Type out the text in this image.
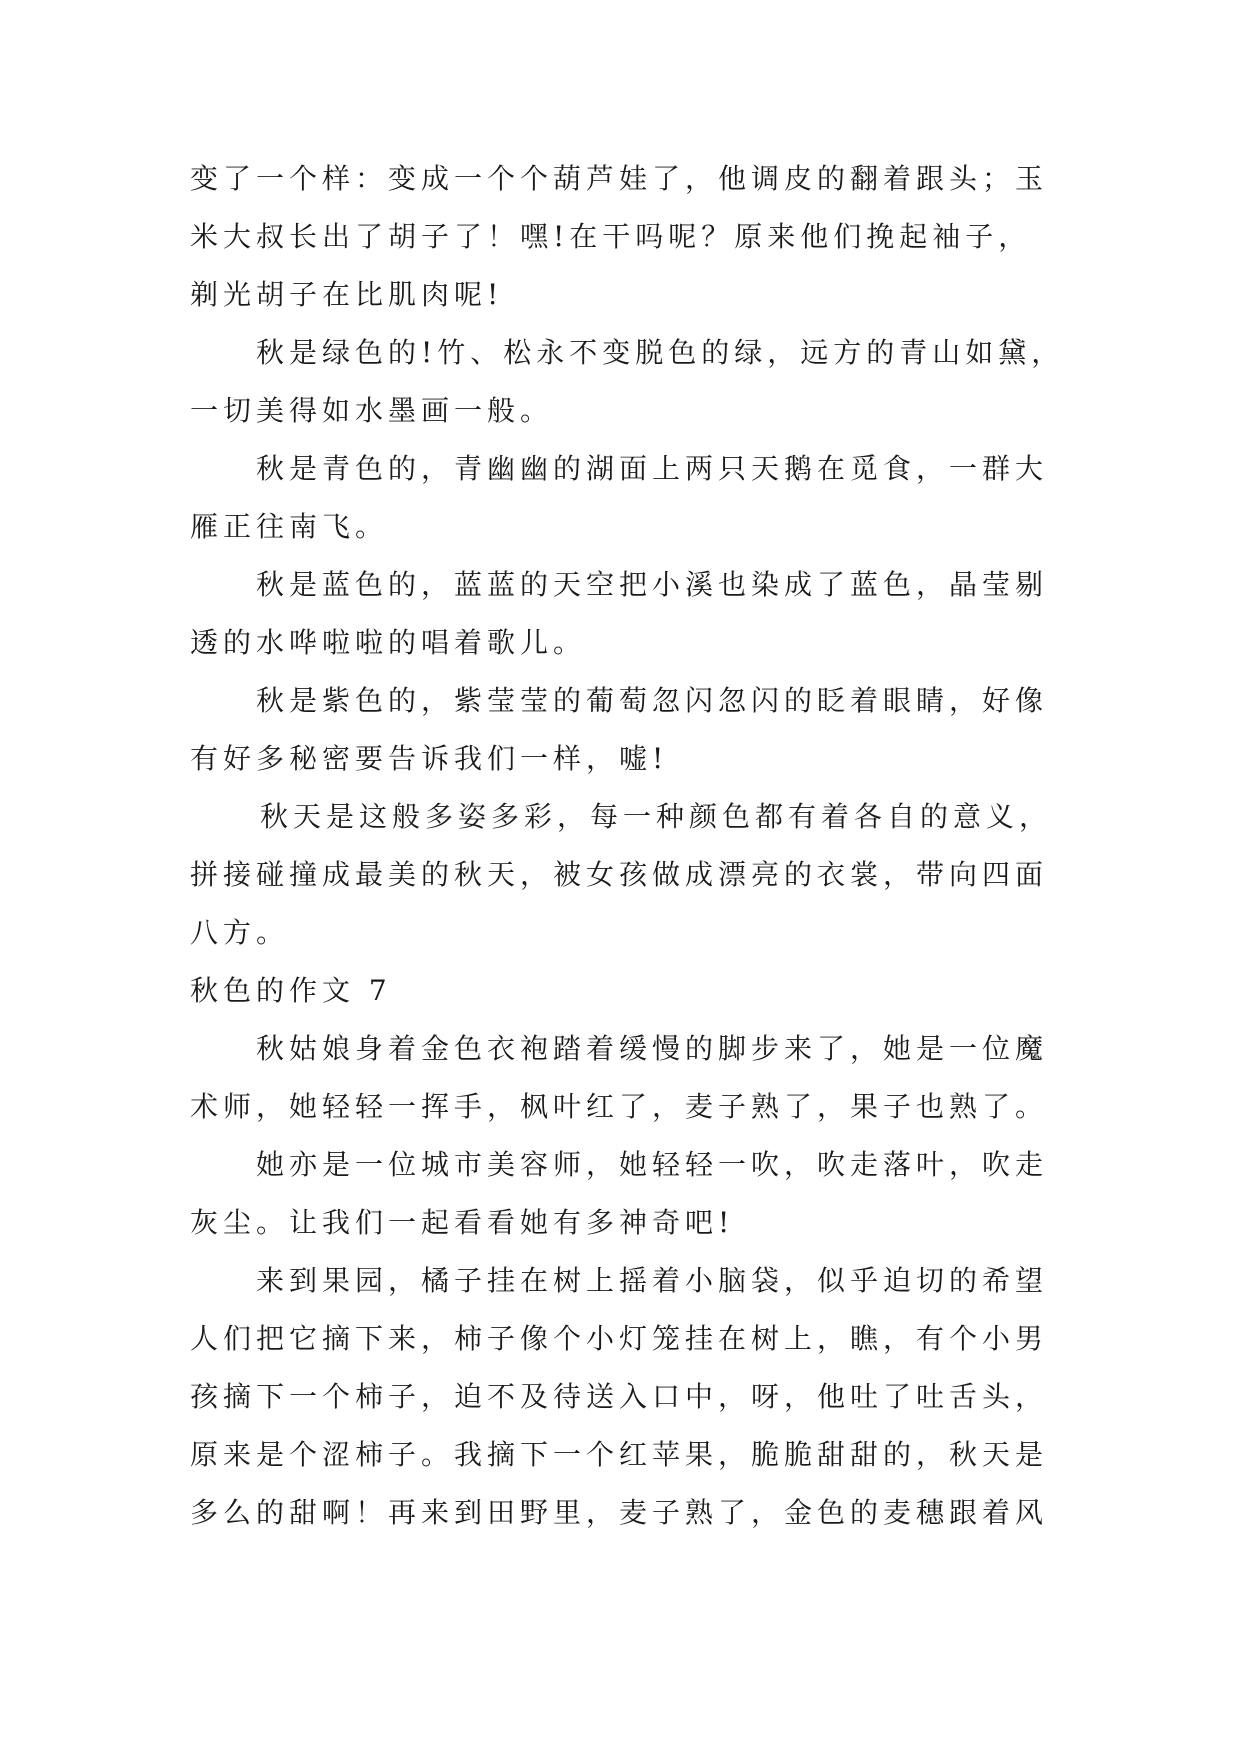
变了一个样：变成一个个葫芦娃了，他调皮的翻着跟头；玉
米大叔长出了胡子了！嘿!在干吗呢？原来他们挽起袖子，
剃光胡子在比肌肉呢!
秋是绿色的!竹、松永不变脱色的绿，远方的青山如黛，
一切美得如水墨画一般。
秋是青色的，青幽幽的湖面上两只天鹅在觅食，一群大
雁正往南飞。
秋是蓝色的，蓝蓝的天空把小溪也染成了蓝色，晶莹剔
透的水哗啦啦的唱着歌儿。
秋是紫色的，紫莹莹的葡萄忽闪忽闪的眨着眼睛，好像
有好多秘密要告诉我们一样，嘘!
秋天是这般多姿多彩，每一种颜色都有着各自的意义，
拼接碰撞成最美的秋天，被女孩做成漂亮的衣裳，带向四面
八方。
秋色的作文 7
秋姑娘身着金色衣袍踏着缓慢的脚步来了，她是一位魔
术师，她轻轻一挥手，枫叶红了，麦子熟了，果子也熟了。
她亦是一位城市美容师，她轻轻一吹，吹走落叶，吹走
灰尘。让我们一起看看她有多神奇吧!
来到果园，橘子挂在树上摇着小脑袋，似乎迫切的希望
人们把它摘下来，柿子像个小灯笼挂在树上，瞧，有个小男
孩摘下一个柿子，迫不及待送入口中，呀，他吐了吐舌头，
原来是个涩柿子。我摘下一个红苹果，脆脆甜甜的，秋天是
多么的甜啊！再来到田野里，麦子熟了，金色的麦穗跟着风
